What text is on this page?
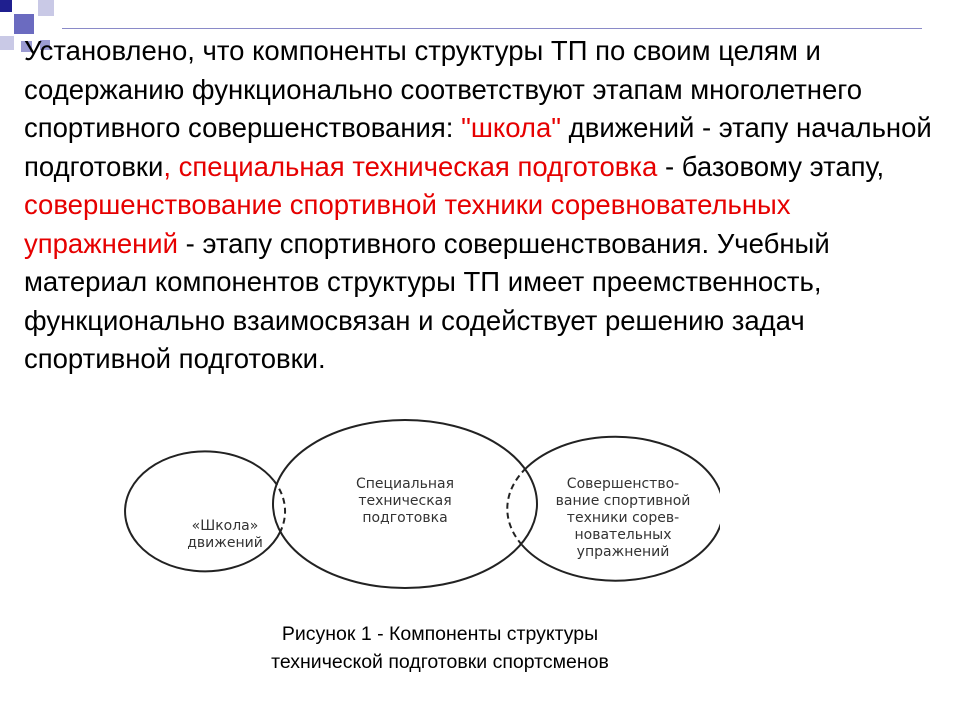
Установлено, что компоненты структуры ТП по своим целям и содержанию функционально соответствуют этапам многолетнего спортивного совершенствования: "школа" движений - этапу начальной подготовки, специальная техническая подготовка - базовому этапу, совершенствование спортивной техники соревновательных упражнений - этапу спортивного совершенствования. Учебный материал компонентов структуры ТП имеет преемственность, функционально взаимосвязан и содействует решению задач спортивной подготовки.

«Школа»
движений

Специальная
техническая
подготовка

Совершенство-
вание спортивной
техники сорев-
новательных
упражнений

Рисунок 1 - Компоненты структуры
технической подготовки спортсменов
